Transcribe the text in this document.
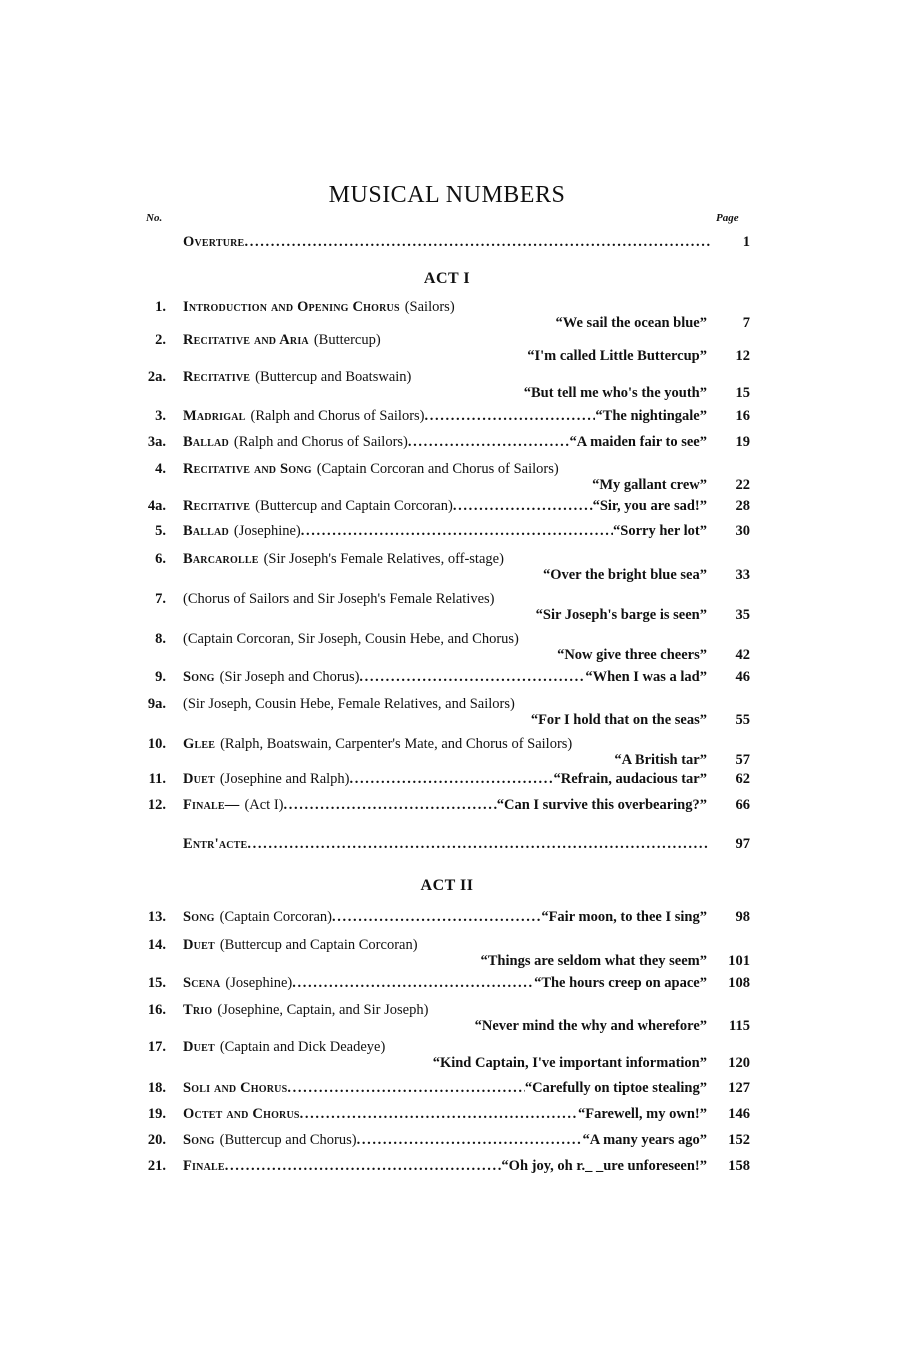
MUSICAL NUMBERS
No.	Page
Overture . . .	1
ACT I
1. Introduction and Opening Chorus (Sailors)
“We sail the ocean blue”	7
2. Recitative and Aria (Buttercup)
“I'm called Little Buttercup”	12
2a. Recitative (Buttercup and Boatswain)
“But tell me who's the youth”	15
3. Madrigal (Ralph and Chorus of Sailors) . . .	“The nightingale”	16
3a. Ballad (Ralph and Chorus of Sailors) . . .	“A maiden fair to see”	19
4. Recitative and Song (Captain Corcoran and Chorus of Sailors)
“My gallant crew”	22
4a. Recitative (Buttercup and Captain Corcoran) . . .	“Sir, you are sad!”	28
5. Ballad (Josephine) . . .	“Sorry her lot”	30
6. Barcarolle (Sir Joseph's Female Relatives, off-stage)
“Over the bright blue sea”	33
7. (Chorus of Sailors and Sir Joseph's Female Relatives)
“Sir Joseph's barge is seen”	35
8. (Captain Corcoran, Sir Joseph, Cousin Hebe, and Chorus)
“Now give three cheers”	42
9. Song (Sir Joseph and Chorus) . . .	“When I was a lad”	46
9a. (Sir Joseph, Cousin Hebe, Female Relatives, and Sailors)
“For I hold that on the seas”	55
10. Glee (Ralph, Boatswain, Carpenter's Mate, and Chorus of Sailors)
“A British tar”	57
11. Duet (Josephine and Ralph) . . .	“Refrain, audacious tar”	62
12. Finale— (Act I) . . .	“Can I survive this overbearing?”	66
Entr'acte . . .	97
ACT II
13. Song (Captain Corcoran) . . .	“Fair moon, to thee I sing”	98
14. Duet (Buttercup and Captain Corcoran)
“Things are seldom what they seem”	101
15. Scena (Josephine) . . .	“The hours creep on apace”	108
16. Trio (Josephine, Captain, and Sir Joseph)
“Never mind the why and wherefore”	115
17. Duet (Captain and Dick Deadeye)
“Kind Captain, I've important information”	120
18. Soli and Chorus . . .	“Carefully on tiptoe stealing”	127
19. Octet and Chorus . . .	“Farewell, my own!”	146
20. Song (Buttercup and Chorus) . . .	“A many years ago”	152
21. Finale . . .	“Oh joy, oh r._ _ure unforeseen!”	158
